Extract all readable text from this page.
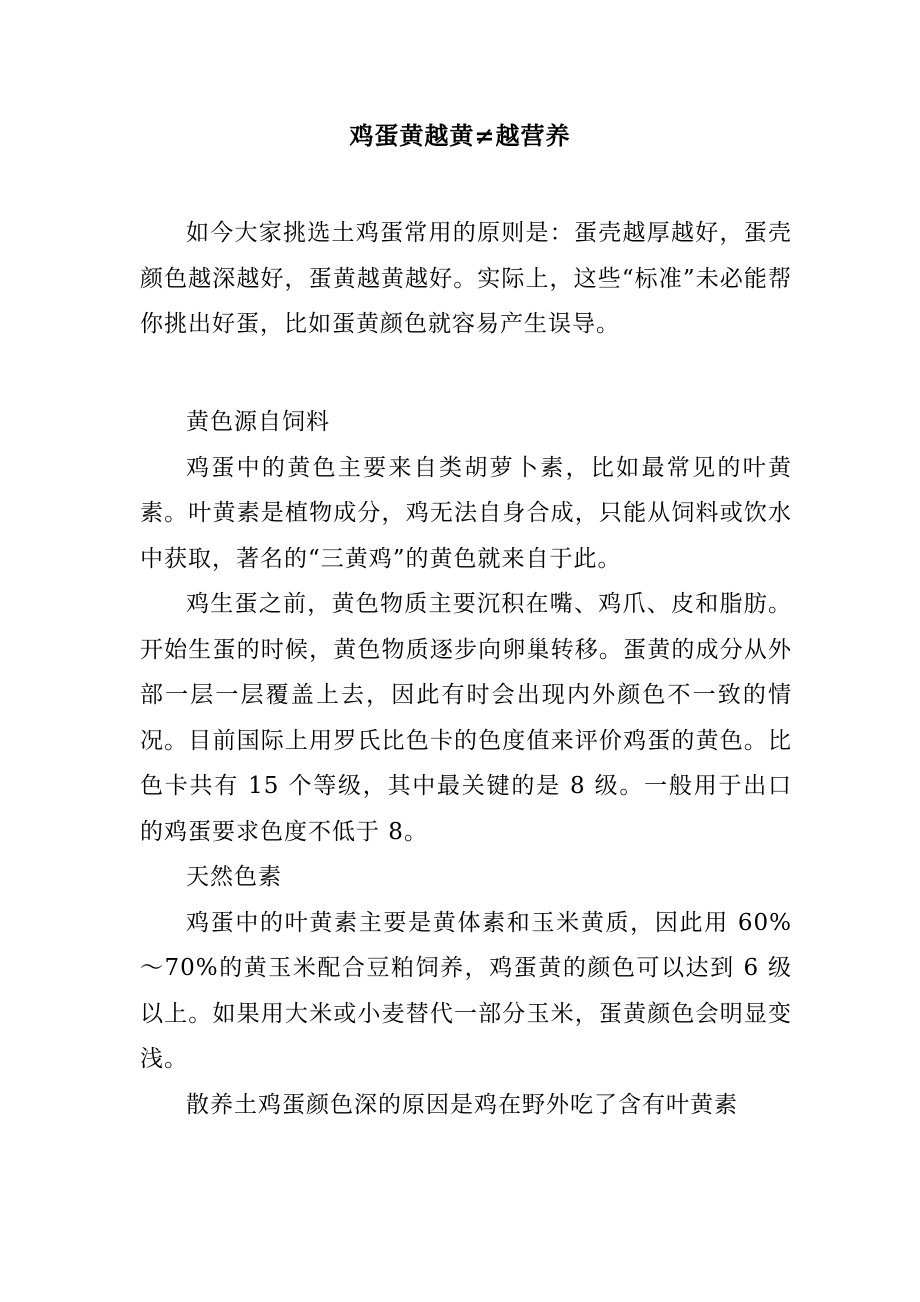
鸡蛋黄越黄≠越营养

如今大家挑选土鸡蛋常用的原则是：蛋壳越厚越好，蛋壳颜色越深越好，蛋黄越黄越好。实际上，这些“标准”未必能帮你挑出好蛋，比如蛋黄颜色就容易产生误导。

黄色源自饲料

鸡蛋中的黄色主要来自类胡萝卜素，比如最常见的叶黄素。叶黄素是植物成分，鸡无法自身合成，只能从饲料或饮水中获取，著名的“三黄鸡”的黄色就来自于此。

鸡生蛋之前，黄色物质主要沉积在嘴、鸡爪、皮和脂肪。开始生蛋的时候，黄色物质逐步向卵巢转移。蛋黄的成分从外部一层一层覆盖上去，因此有时会出现内外颜色不一致的情况。目前国际上用罗氏比色卡的色度值来评价鸡蛋的黄色。比色卡共有 15 个等级，其中最关键的是 8 级。一般用于出口的鸡蛋要求色度不低于 8。

天然色素

鸡蛋中的叶黄素主要是黄体素和玉米黄质，因此用 60%～70%的黄玉米配合豆粕饲养，鸡蛋黄的颜色可以达到 6 级以上。如果用大米或小麦替代一部分玉米，蛋黄颜色会明显变浅。

散养土鸡蛋颜色深的原因是鸡在野外吃了含有叶黄素
